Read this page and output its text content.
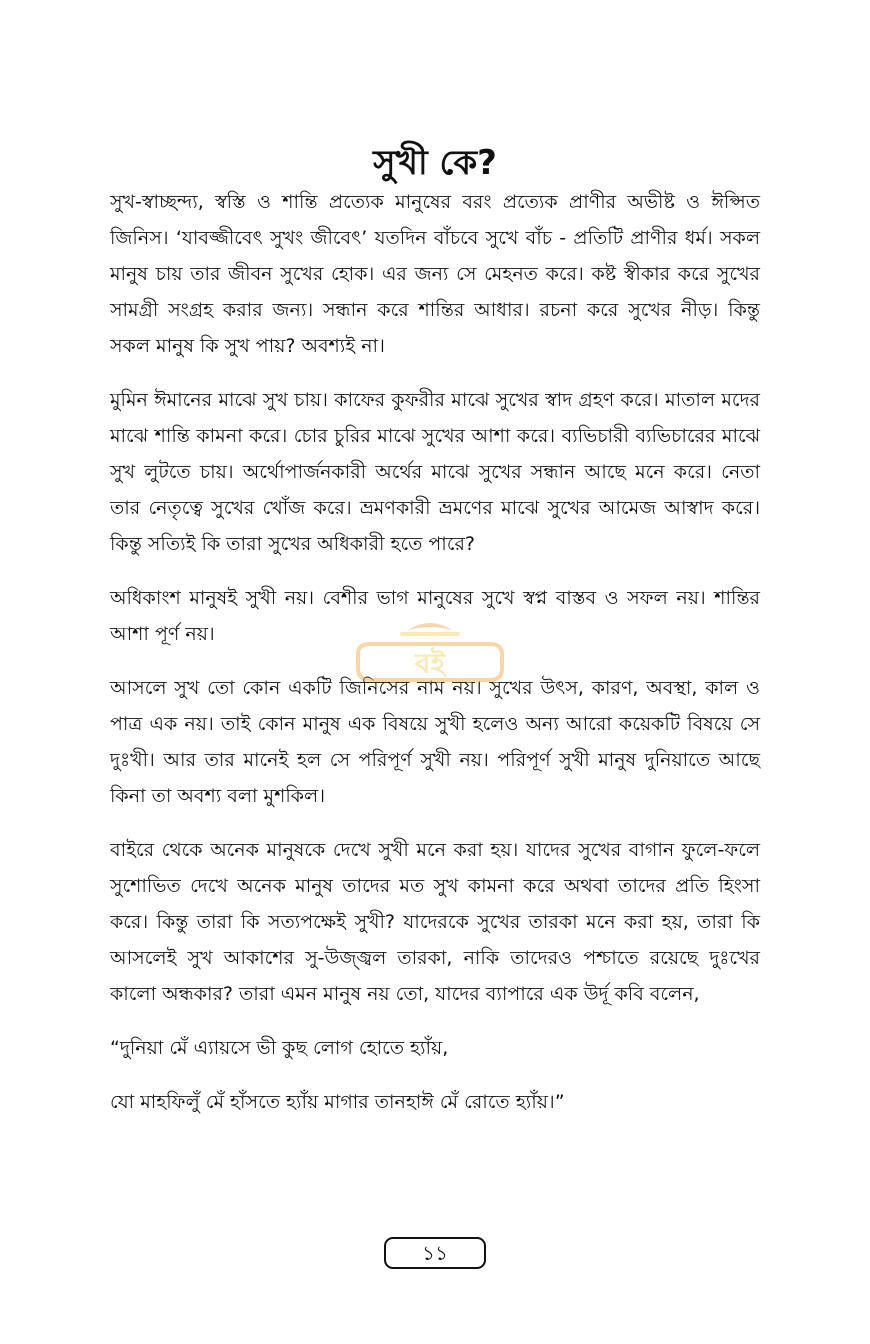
সুখী কে?

সুখ-স্বাচ্ছন্দ্য, স্বস্তি ও শান্তি প্রত্যেক মানুষের বরং প্রত্যেক প্রাণীর অভীষ্ট ও ঈপ্সিত জিনিস। ‘যাবজ্জীবেৎ সুখং জীবেৎ’ যতদিন বাঁচবে সুখে বাঁচ - প্রতিটি প্রাণীর ধর্ম। সকল মানুষ চায় তার জীবন সুখের হোক। এর জন্য সে মেহনত করে। কষ্ট স্বীকার করে সুখের সামগ্রী সংগ্রহ করার জন্য। সন্ধান করে শান্তির আধার। রচনা করে সুখের নীড়। কিন্তু সকল মানুষ কি সুখ পায়? অবশ্যই না।

মুমিন ঈমানের মাঝে সুখ চায়। কাফের কুফরীর মাঝে সুখের স্বাদ গ্রহণ করে। মাতাল মদের মাঝে শান্তি কামনা করে। চোর চুরির মাঝে সুখের আশা করে। ব্যভিচারী ব্যভিচারের মাঝে সুখ লুটতে চায়। অর্থোপার্জনকারী অর্থের মাঝে সুখের সন্ধান আছে মনে করে। নেতা তার নেতৃত্বে সুখের খোঁজ করে। ভ্রমণকারী ভ্রমণের মাঝে সুখের আমেজ আস্বাদ করে। কিন্তু সত্যিই কি তারা সুখের অধিকারী হতে পারে?

অধিকাংশ মানুষই সুখী নয়। বেশীর ভাগ মানুষের সুখে স্বপ্ন বাস্তব ও সফল নয়। শান্তির আশা পূর্ণ নয়।

আসলে সুখ তো কোন একটি জিনিসের নাম নয়। সুখের উৎস, কারণ, অবস্থা, কাল ও পাত্র এক নয়। তাই কোন মানুষ এক বিষয়ে সুখী হলেও অন্য আরো কয়েকটি বিষয়ে সে দুঃখী। আর তার মানেই হল সে পরিপূর্ণ সুখী নয়। পরিপূর্ণ সুখী মানুষ দুনিয়াতে আছে কিনা তা অবশ্য বলা মুশকিল।

বাইরে থেকে অনেক মানুষকে দেখে সুখী মনে করা হয়। যাদের সুখের বাগান ফুলে-ফলে সুশোভিত দেখে অনেক মানুষ তাদের মত সুখ কামনা করে অথবা তাদের প্রতি হিংসা করে। কিন্তু তারা কি সত্যপক্ষেই সুখী? যাদেরকে সুখের তারকা মনে করা হয়, তারা কি আসলেই সুখ আকাশের সু-উজ্জ্বল তারকা, নাকি তাদেরও পশ্চাতে রয়েছে দুঃখের কালো অন্ধকার? তারা এমন মানুষ নয় তো, যাদের ব্যাপারে এক উর্দূ কবি বলেন,

“দুনিয়া মেঁ এ্যায়সে ভী কুছ লোগ হোতে হ্যাঁয়,

যো মাহফিলুঁ মেঁ হাঁসতে হ্যাঁয় মাগার তানহাঈ মেঁ রোতে হ্যাঁয়।”

বই
১১
